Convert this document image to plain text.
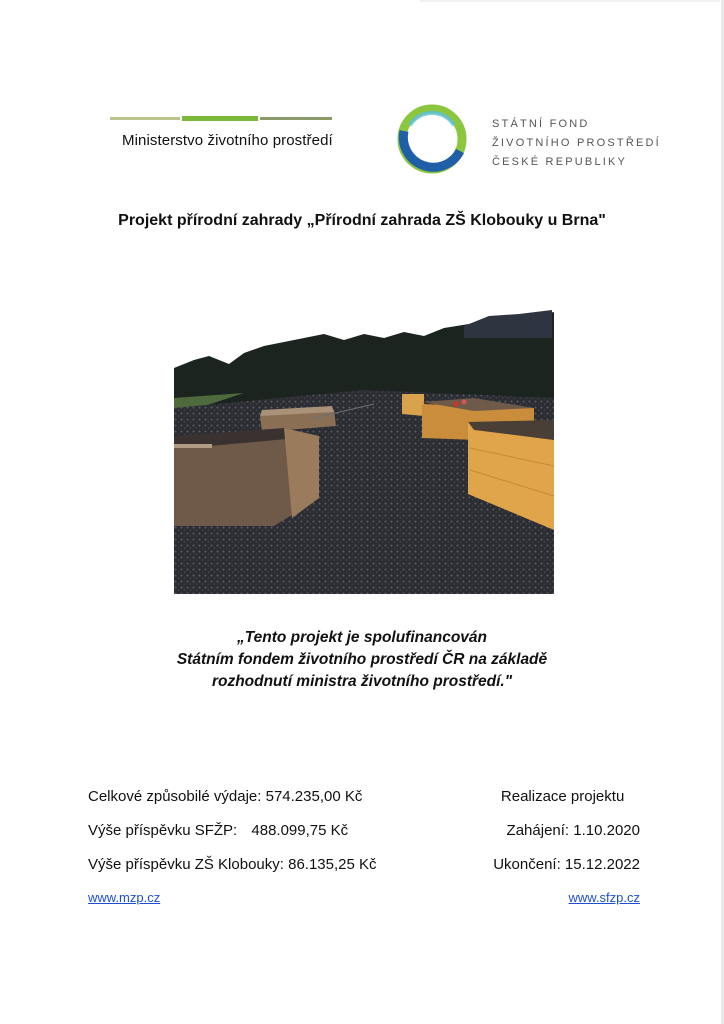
Ministerstvo životního prostředí
STÁTNÍ FOND
ŽIVOTNÍHO PROSTŘEDÍ
ČESKÉ REPUBLIKY
Projekt přírodní zahrady „Přírodní zahrada ZŠ Klobouky u Brna"
„Tento projekt je spolufinancován
Státním fondem životního prostředí ČR na základě
rozhodnutí ministra životního prostředí."
Celkové způsobilé výdaje: 574.235,00 Kč
Výše příspěvku SFŽP: 488.099,75 Kč
Výše příspěvku ZŠ Klobouky: 86.135,25 Kč
Realizace projektu
Zahájení: 1.10.2020
Ukončení: 15.12.2022
www.mzp.cz	www.sfzp.cz
